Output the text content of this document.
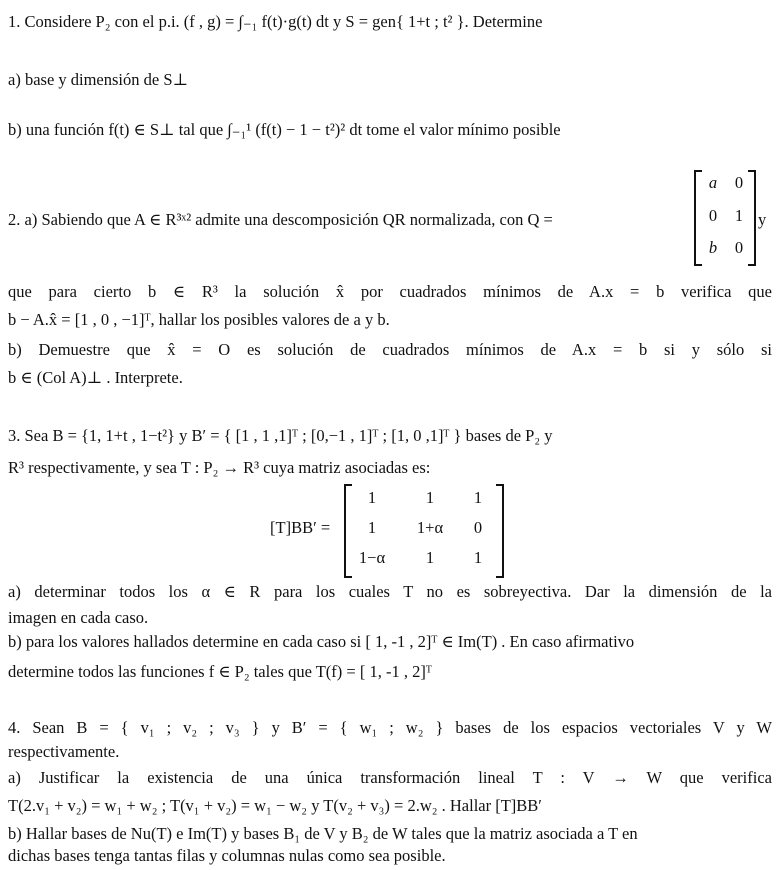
1. Considere P₂ con el p.i. (f , g) = ∫₋₁ f(t)·g(t) dt y S = gen{ 1+t ; t² }. Determine
a) base y dimensión de S⊥
b) una función f(t) ∈ S⊥ tal que ∫₋₁¹ (f(t) − 1 − t²)² dt tome el valor mínimo posible
2. a) Sabiendo que A ∈ R³ˣ² admite una descomposición QR normalizada, con Q =	y
a	0
0	1
b	0
que para cierto b ∈ R³ la solución x̂ por cuadrados mínimos de A.x = b verifica que
b − A.x̂ = [1 , 0 , −1]ᵀ, hallar los posibles valores de a y b.
b) Demuestre que x̂ = O es solución de cuadrados mínimos de A.x = b si y sólo si
b ∈ (Col A)⊥ . Interprete.
3. Sea B = {1, 1+t , 1−t²} y B′ = { [1 , 1 ,1]ᵀ ; [0,−1 , 1]ᵀ ; [1, 0 ,1]ᵀ } bases de P₂ y
R³ respectivamente, y sea T : P₂ → R³ cuya matriz asociadas es:
[T]BB′ =
1	1	1
1	1+α	0
1−α	1	1
a) determinar todos los α ∈ R para los cuales T no es sobreyectiva. Dar la dimensión de la
imagen en cada caso.
b) para los valores hallados determine en cada caso si [ 1, -1 , 2]ᵀ ∈ Im(T) . En caso afirmativo
determine todos las funciones f ∈ P₂ tales que T(f) = [ 1, -1 , 2]ᵀ
4. Sean B = { v₁ ; v₂ ; v₃ } y B′ = { w₁ ; w₂ } bases de los espacios vectoriales V y W
respectivamente.
a) Justificar la existencia de una única transformación lineal T : V → W que verifica
T(2.v₁ + v₂) = w₁ + w₂ ; T(v₁ + v₂) = w₁ − w₂ y T(v₂ + v₃) = 2.w₂ . Hallar [T]BB′
b) Hallar bases de Nu(T) e Im(T) y bases B₁ de V y B₂ de W tales que la matriz asociada a T en
dichas bases tenga tantas filas y columnas nulas como sea posible.
